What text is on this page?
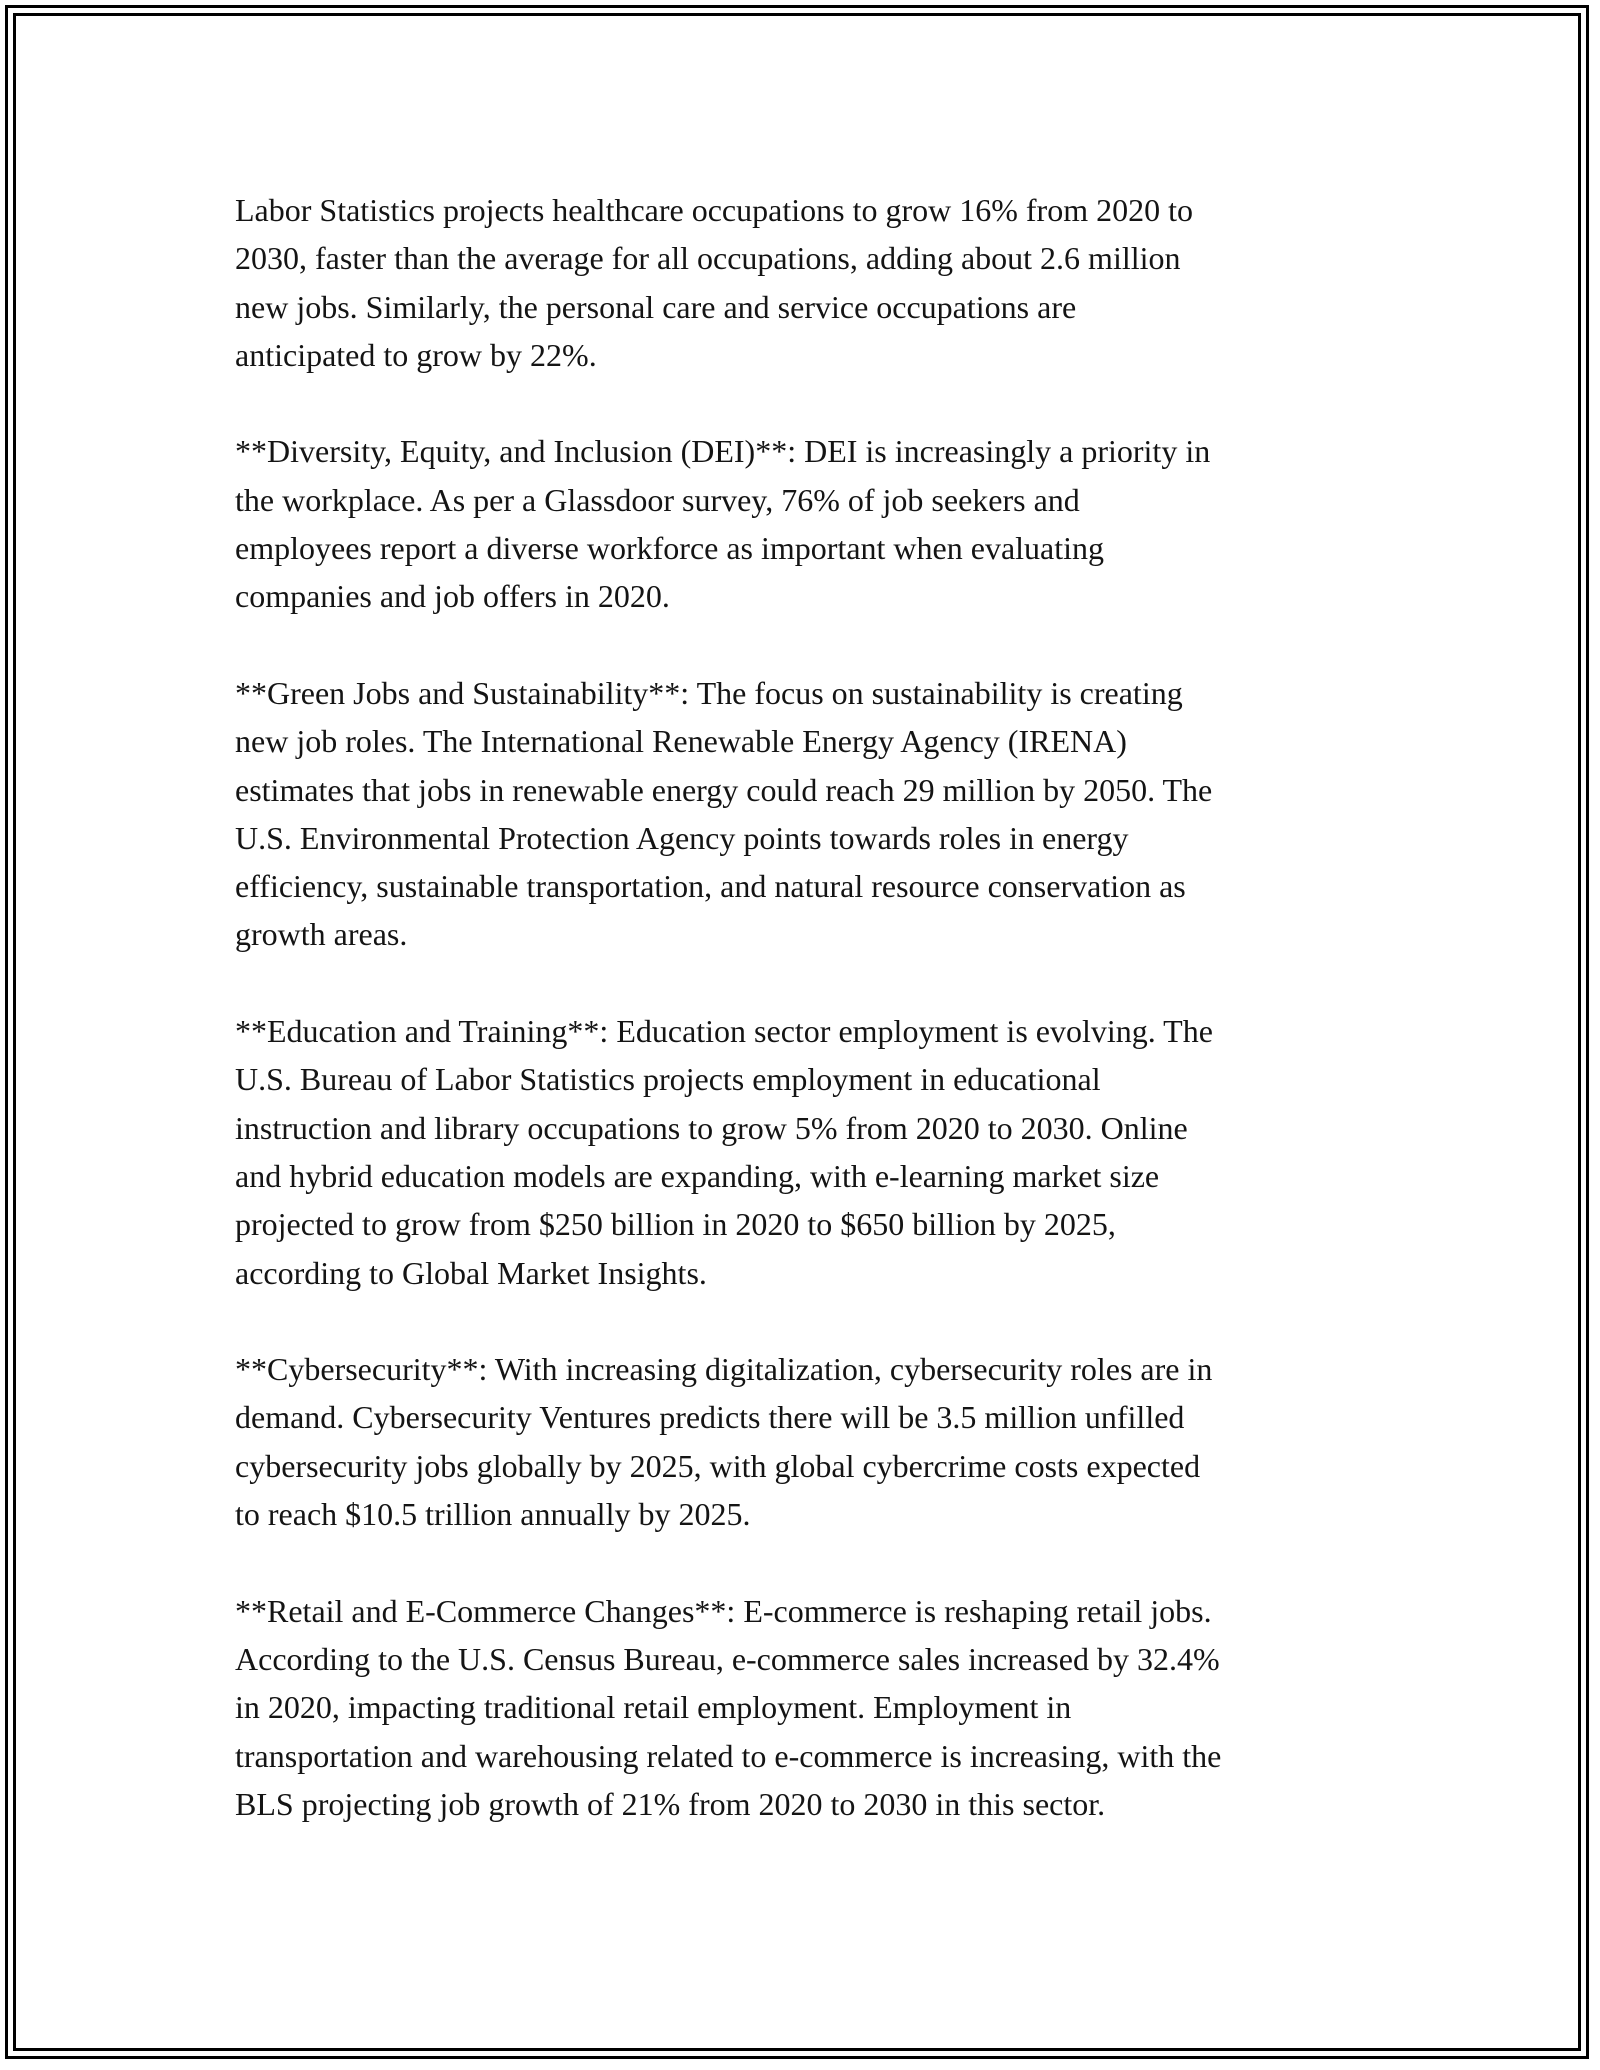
Labor Statistics projects healthcare occupations to grow 16% from 2020 to
2030, faster than the average for all occupations, adding about 2.6 million
new jobs. Similarly, the personal care and service occupations are
anticipated to grow by 22%.

**Diversity, Equity, and Inclusion (DEI)**: DEI is increasingly a priority in
the workplace. As per a Glassdoor survey, 76% of job seekers and
employees report a diverse workforce as important when evaluating
companies and job offers in 2020.

**Green Jobs and Sustainability**: The focus on sustainability is creating
new job roles. The International Renewable Energy Agency (IRENA)
estimates that jobs in renewable energy could reach 29 million by 2050. The
U.S. Environmental Protection Agency points towards roles in energy
efficiency, sustainable transportation, and natural resource conservation as
growth areas.

**Education and Training**: Education sector employment is evolving. The
U.S. Bureau of Labor Statistics projects employment in educational
instruction and library occupations to grow 5% from 2020 to 2030. Online
and hybrid education models are expanding, with e-learning market size
projected to grow from $250 billion in 2020 to $650 billion by 2025,
according to Global Market Insights.

**Cybersecurity**: With increasing digitalization, cybersecurity roles are in
demand. Cybersecurity Ventures predicts there will be 3.5 million unfilled
cybersecurity jobs globally by 2025, with global cybercrime costs expected
to reach $10.5 trillion annually by 2025.

**Retail and E-Commerce Changes**: E-commerce is reshaping retail jobs.
According to the U.S. Census Bureau, e-commerce sales increased by 32.4%
in 2020, impacting traditional retail employment. Employment in
transportation and warehousing related to e-commerce is increasing, with the
BLS projecting job growth of 21% from 2020 to 2030 in this sector.
